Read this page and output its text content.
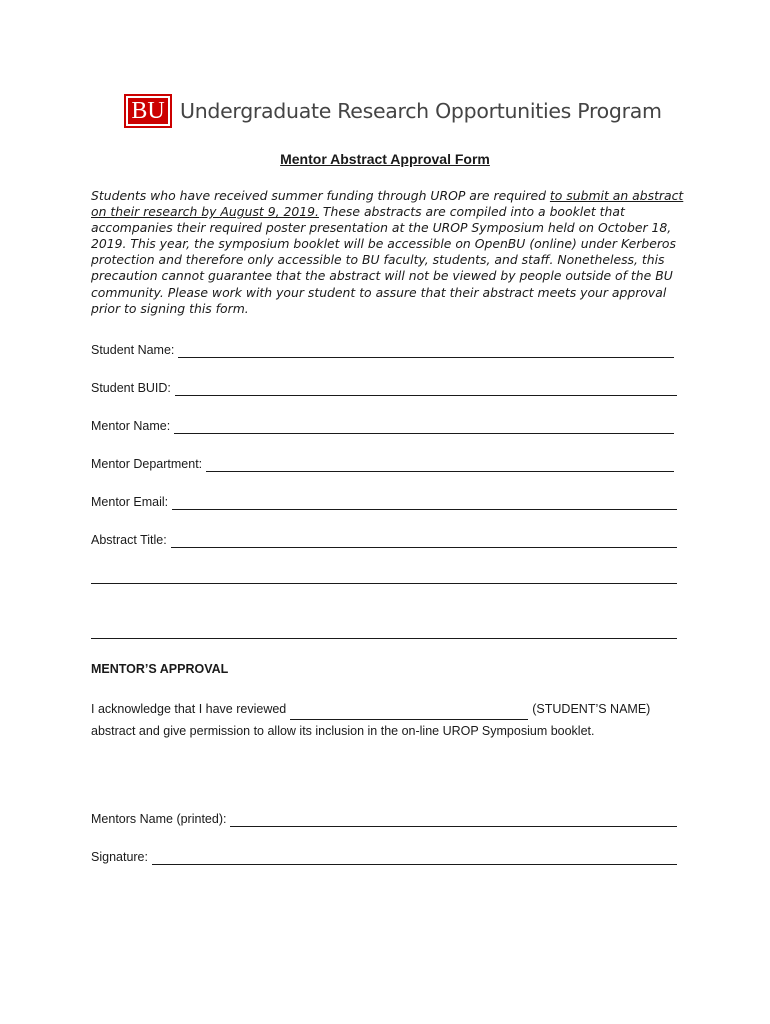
BU Undergraduate Research Opportunities Program
Mentor Abstract Approval Form
Students who have received summer funding through UROP are required to submit an abstract on their research by August 9, 2019. These abstracts are compiled into a booklet that accompanies their required poster presentation at the UROP Symposium held on October 18, 2019. This year, the symposium booklet will be accessible on OpenBU (online) under Kerberos protection and therefore only accessible to BU faculty, students, and staff. Nonetheless, this precaution cannot guarantee that the abstract will not be viewed by people outside of the BU community. Please work with your student to assure that their abstract meets your approval prior to signing this form.
Student Name:
Student BUID:
Mentor Name:
Mentor Department:
Mentor Email:
Abstract Title:
MENTOR’S APPROVAL
I acknowledge that I have reviewed	(STUDENT’S NAME)
abstract and give permission to allow its inclusion in the on-line UROP Symposium booklet.
Mentors Name (printed):
Signature:
